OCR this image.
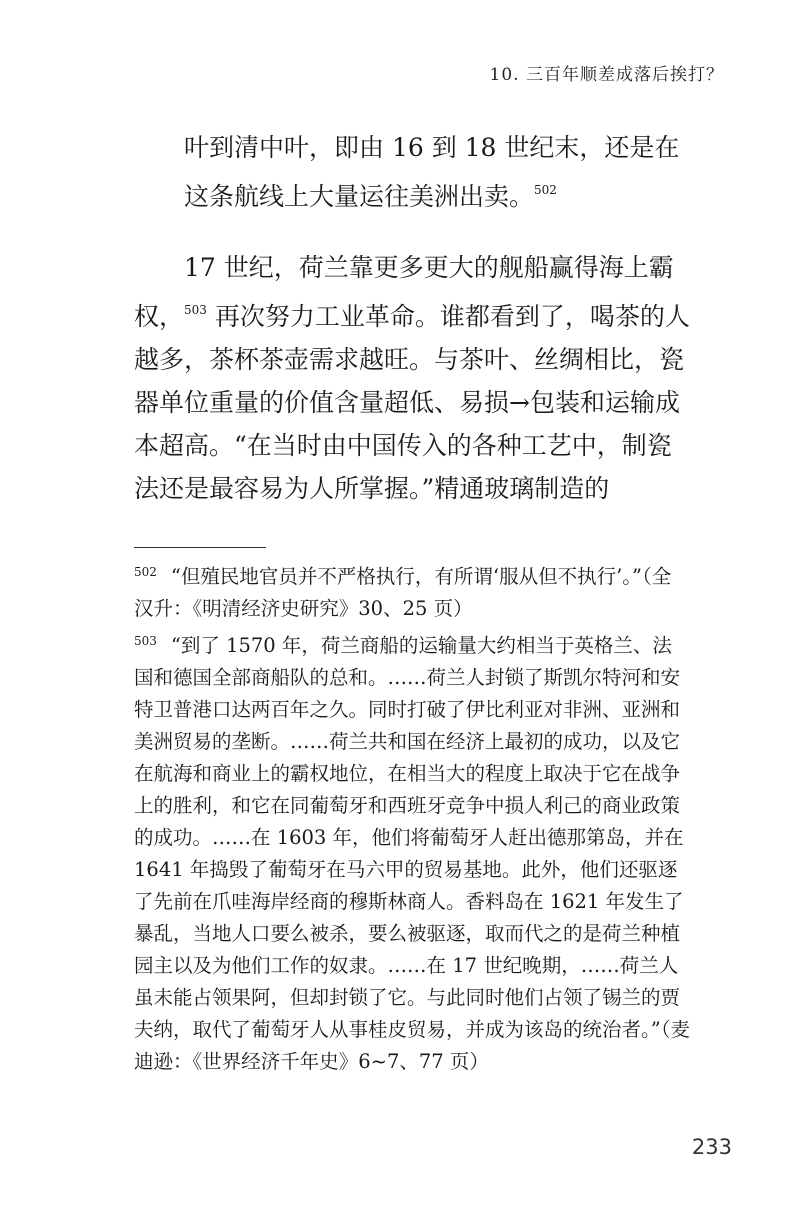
10. 三百年顺差成落后挨打？

叶到清中叶，即由 16 到 18 世纪末，还是在这条航线上大量运往美洲出卖。$^{502}$

17 世纪，荷兰靠更多更大的舰船赢得海上霸权，$^{503}$ 再次努力工业革命。谁都看到了，喝茶的人越多，茶杯茶壶需求越旺。与茶叶、丝绸相比，瓷器单位重量的价值含量超低、易损→包装和运输成本超高。“在当时由中国传入的各种工艺中，制瓷法还是最容易为人所掌握。”精通玻璃制造的

$^{502}$ “但殖民地官员并不严格执行，有所谓‘服从但不执行’。”（全汉升：《明清经济史研究》30、25 页）

$^{503}$ “到了 1570 年，荷兰商船的运输量大约相当于英格兰、法国和德国全部商船队的总和。……荷兰人封锁了斯凯尔特河和安特卫普港口达两百年之久。同时打破了伊比利亚对非洲、亚洲和美洲贸易的垄断。……荷兰共和国在经济上最初的成功，以及它在航海和商业上的霸权地位，在相当大的程度上取决于它在战争上的胜利，和它在同葡萄牙和西班牙竞争中损人利己的商业政策的成功。……在 1603 年，他们将葡萄牙人赶出德那第岛，并在 1641 年捣毁了葡萄牙在马六甲的贸易基地。此外，他们还驱逐了先前在爪哇海岸经商的穆斯林商人。香料岛在 1621 年发生了暴乱，当地人口要么被杀，要么被驱逐，取而代之的是荷兰种植园主以及为他们工作的奴隶。……在 17 世纪晚期，……荷兰人虽未能占领果阿，但却封锁了它。与此同时他们占领了锡兰的贾夫纳，取代了葡萄牙人从事桂皮贸易，并成为该岛的统治者。”（麦迪逊：《世界经济千年史》6~7、77 页）

233
